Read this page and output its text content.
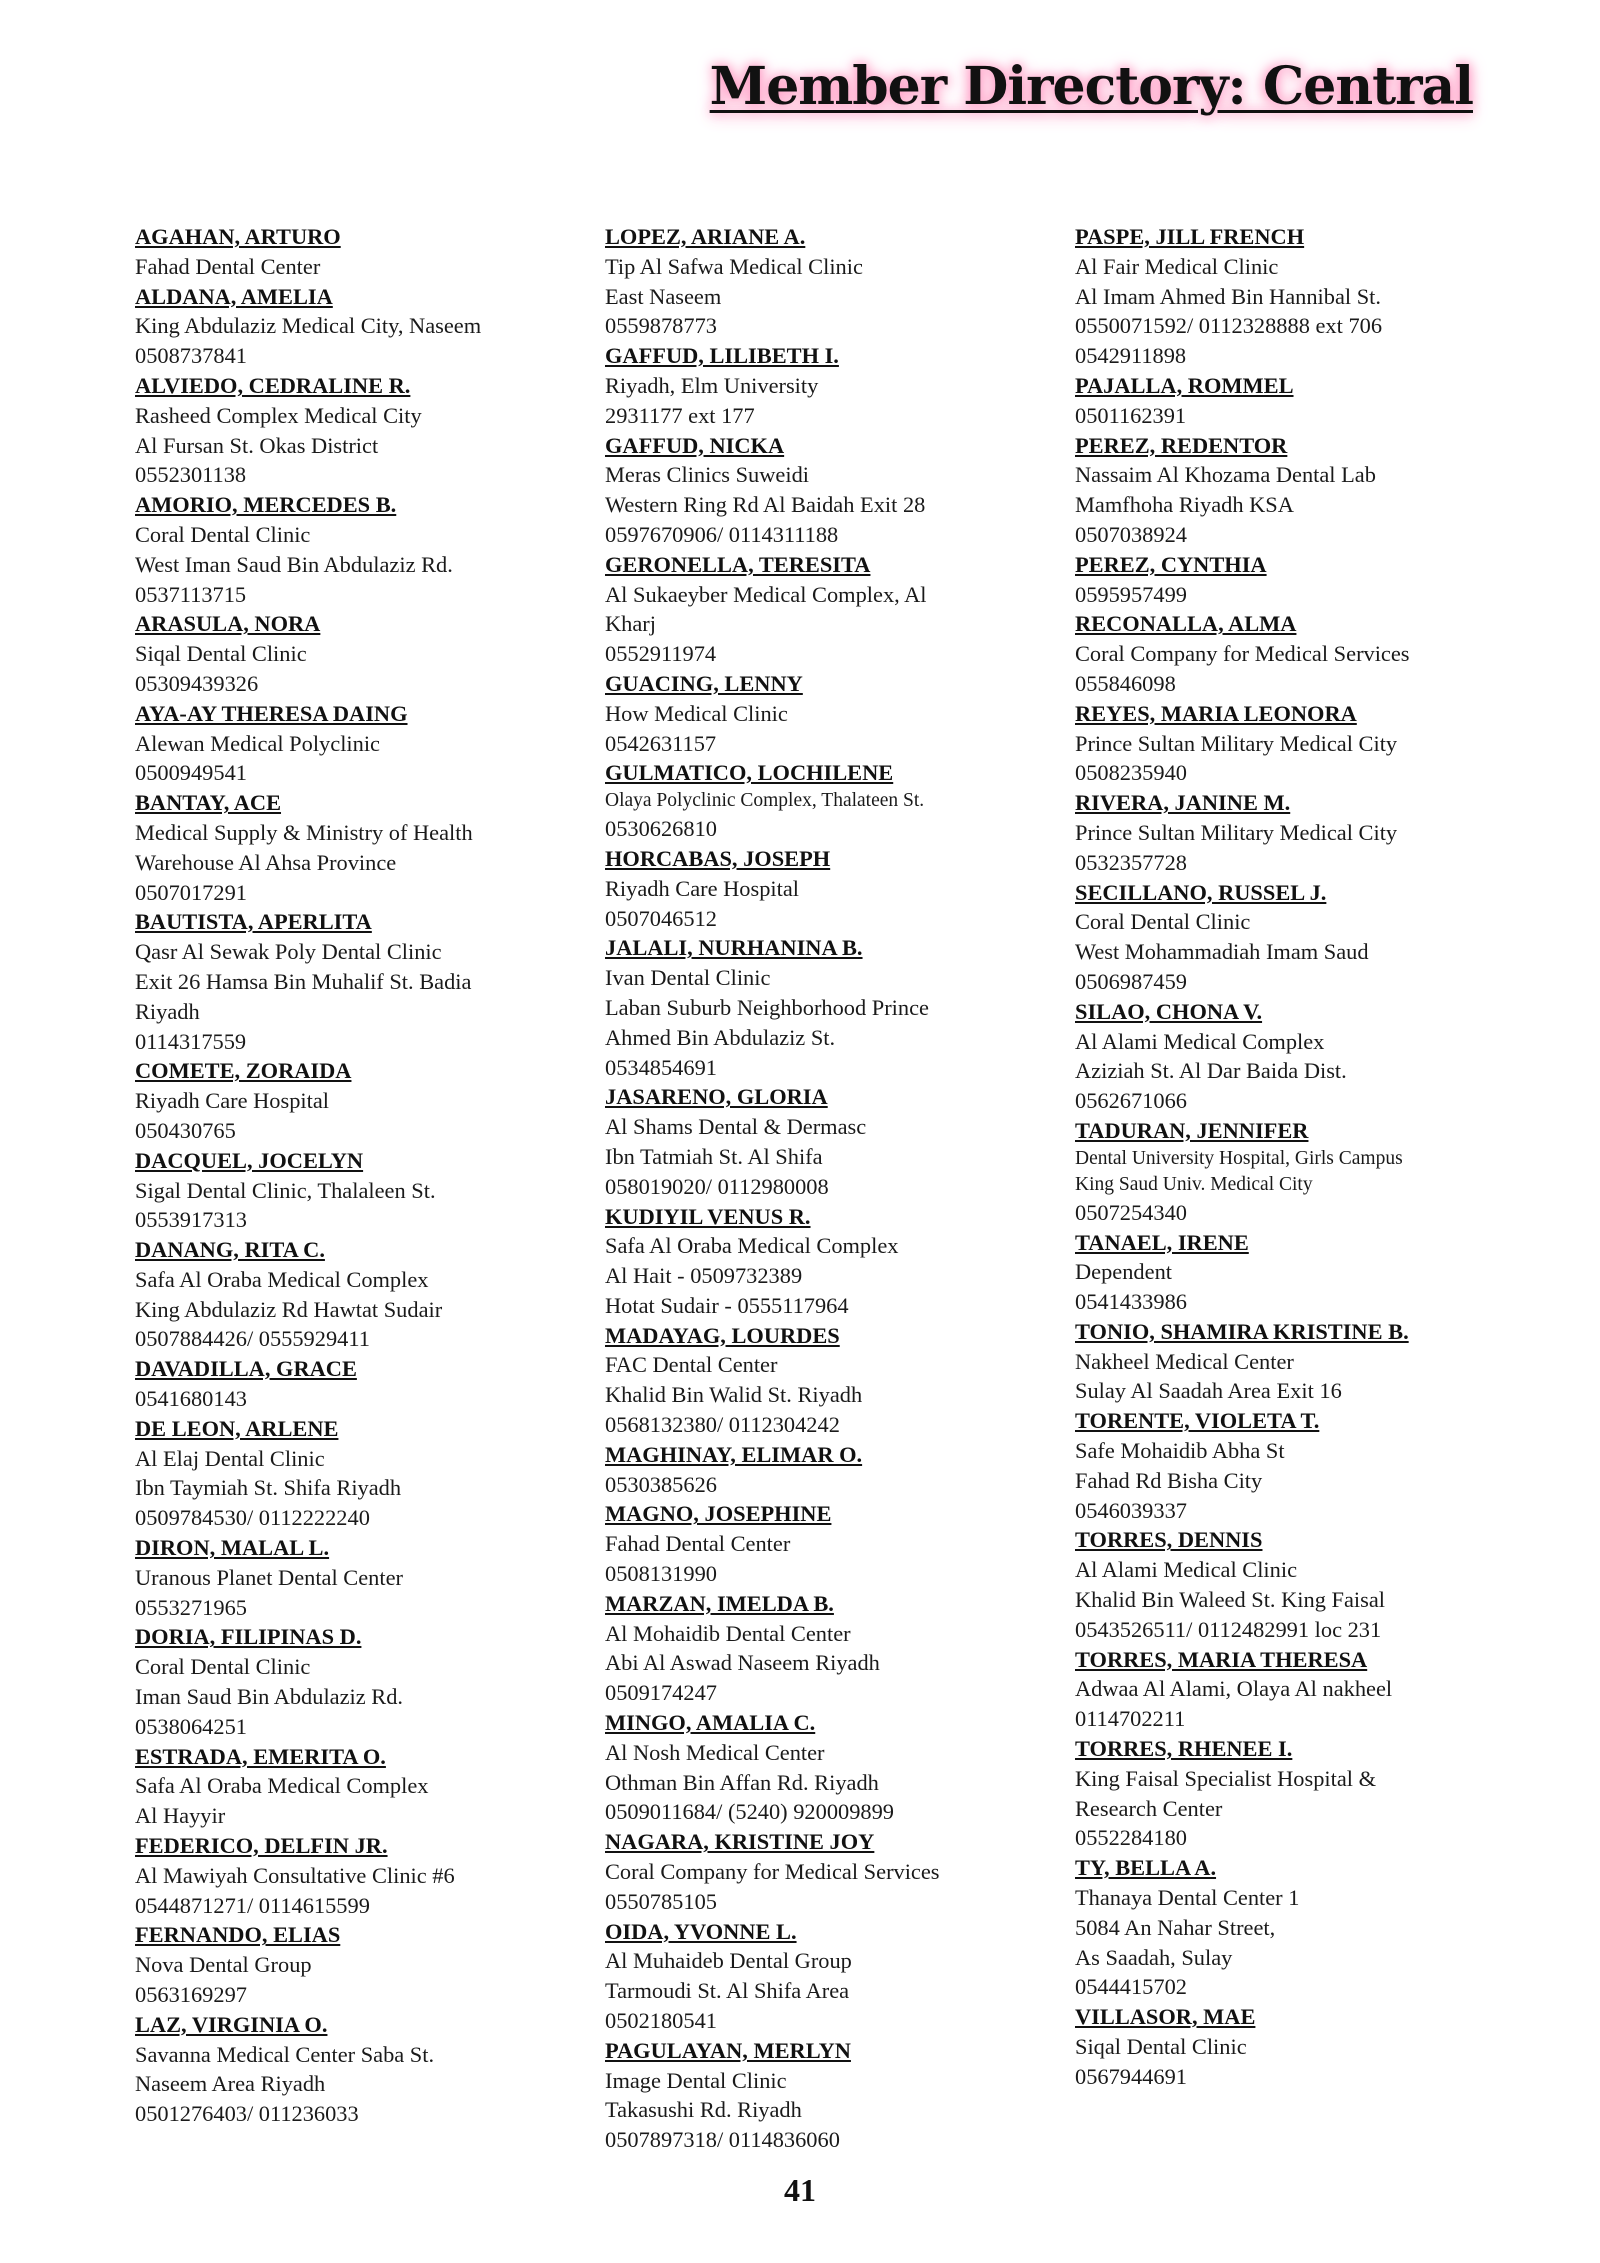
Member Directory: Central
AGAHAN, ARTURO
Fahad Dental Center
ALDANA, AMELIA
King Abdulaziz Medical City, Naseem
0508737841
ALVIEDO, CEDRALINE R.
Rasheed Complex Medical City
Al Fursan St. Okas District
0552301138
AMORIO, MERCEDES B.
Coral Dental Clinic
West Iman Saud Bin Abdulaziz Rd.
0537113715
ARASULA, NORA
Siqal Dental Clinic
05309439326
AYA-AY THERESA DAING
Alewan Medical Polyclinic
0500949541
BANTAY, ACE
Medical Supply & Ministry of Health
Warehouse Al Ahsa Province
0507017291
BAUTISTA, APERLITA
Qasr Al Sewak Poly Dental Clinic
Exit 26 Hamsa Bin Muhalif St. Badia
Riyadh
0114317559
COMETE, ZORAIDA
Riyadh Care Hospital
050430765
DACQUEL, JOCELYN
Sigal Dental Clinic, Thalaleen St.
0553917313
DANANG, RITA C.
Safa Al Oraba Medical Complex
King Abdulaziz Rd Hawtat Sudair
0507884426/ 0555929411
DAVADILLA, GRACE
0541680143
DE LEON, ARLENE
Al Elaj Dental Clinic
Ibn Taymiah St. Shifa Riyadh
0509784530/ 0112222240
DIRON, MALAL L.
Uranous Planet Dental Center
0553271965
DORIA, FILIPINAS D.
Coral Dental Clinic
Iman Saud Bin Abdulaziz Rd.
0538064251
ESTRADA, EMERITA O.
Safa Al Oraba Medical Complex
Al Hayyir
FEDERICO, DELFIN JR.
Al Mawiyah Consultative Clinic #6
0544871271/ 0114615599
FERNANDO, ELIAS
Nova Dental Group
0563169297
LAZ, VIRGINIA O.
Savanna Medical Center Saba St.
Naseem Area Riyadh
0501276403/ 011236033
LOPEZ, ARIANE A.
Tip Al Safwa Medical Clinic
East Naseem
0559878773
GAFFUD, LILIBETH I.
Riyadh, Elm University
2931177 ext 177
GAFFUD, NICKA
Meras Clinics Suweidi
Western Ring Rd Al Baidah Exit 28
0597670906/ 0114311188
GERONELLA, TERESITA
Al Sukaeyber Medical Complex, Al
Kharj
0552911974
GUACING, LENNY
How Medical Clinic
0542631157
GULMATICO, LOCHILENE
Olaya Polyclinic Complex, Thalateen St.
0530626810
HORCABAS, JOSEPH
Riyadh Care Hospital
0507046512
JALALI, NURHANINA B.
Ivan Dental Clinic
Laban Suburb Neighborhood Prince
Ahmed Bin Abdulaziz St.
0534854691
JASARENO, GLORIA
Al Shams Dental & Dermasc
Ibn Tatmiah St. Al Shifa
058019020/ 0112980008
KUDIYIL VENUS R.
Safa Al Oraba Medical Complex
Al Hait - 0509732389
Hotat Sudair - 0555117964
MADAYAG, LOURDES
FAC Dental Center
Khalid Bin Walid St. Riyadh
0568132380/ 0112304242
MAGHINAY, ELIMAR O.
0530385626
MAGNO, JOSEPHINE
Fahad Dental Center
0508131990
MARZAN, IMELDA B.
Al Mohaidib Dental Center
Abi Al Aswad Naseem Riyadh
0509174247
MINGO, AMALIA C.
Al Nosh Medical Center
Othman Bin Affan Rd. Riyadh
0509011684/ (5240) 920009899
NAGARA, KRISTINE JOY
Coral Company for Medical Services
0550785105
OIDA, YVONNE L.
Al Muhaideb Dental Group
Tarmoudi St. Al Shifa Area
0502180541
PAGULAYAN, MERLYN
Image Dental Clinic
Takasushi Rd. Riyadh
0507897318/ 0114836060
PASPE, JILL FRENCH
Al Fair Medical Clinic
Al Imam Ahmed Bin Hannibal St.
0550071592/ 0112328888 ext 706
0542911898
PAJALLA, ROMMEL
0501162391
PEREZ, REDENTOR
Nassaim Al Khozama Dental Lab
Mamfhoha Riyadh KSA
0507038924
PEREZ, CYNTHIA
0595957499
RECONALLA, ALMA
Coral Company for Medical Services
055846098
REYES, MARIA LEONORA
Prince Sultan Military Medical City
0508235940
RIVERA, JANINE M.
Prince Sultan Military Medical City
0532357728
SECILLANO, RUSSEL J.
Coral Dental Clinic
West Mohammadiah Imam Saud
0506987459
SILAO, CHONA V.
Al Alami Medical Complex
Aziziah St. Al Dar Baida Dist.
0562671066
TADURAN, JENNIFER
Dental University Hospital, Girls Campus
King Saud Univ. Medical City
0507254340
TANAEL, IRENE
Dependent
0541433986
TONIO, SHAMIRA KRISTINE B.
Nakheel Medical Center
Sulay Al Saadah Area Exit 16
TORENTE, VIOLETA T.
Safe Mohaidib Abha St
Fahad Rd Bisha City
0546039337
TORRES, DENNIS
Al Alami Medical Clinic
Khalid Bin Waleed St. King Faisal
0543526511/ 0112482991 loc 231
TORRES, MARIA THERESA
Adwaa Al Alami, Olaya Al nakheel
0114702211
TORRES, RHENEE I.
King Faisal Specialist Hospital &
Research Center
0552284180
TY, BELLA A.
Thanaya Dental Center 1
5084 An Nahar Street,
As Saadah, Sulay
0544415702
VILLASOR, MAE
Siqal Dental Clinic
0567944691
41
